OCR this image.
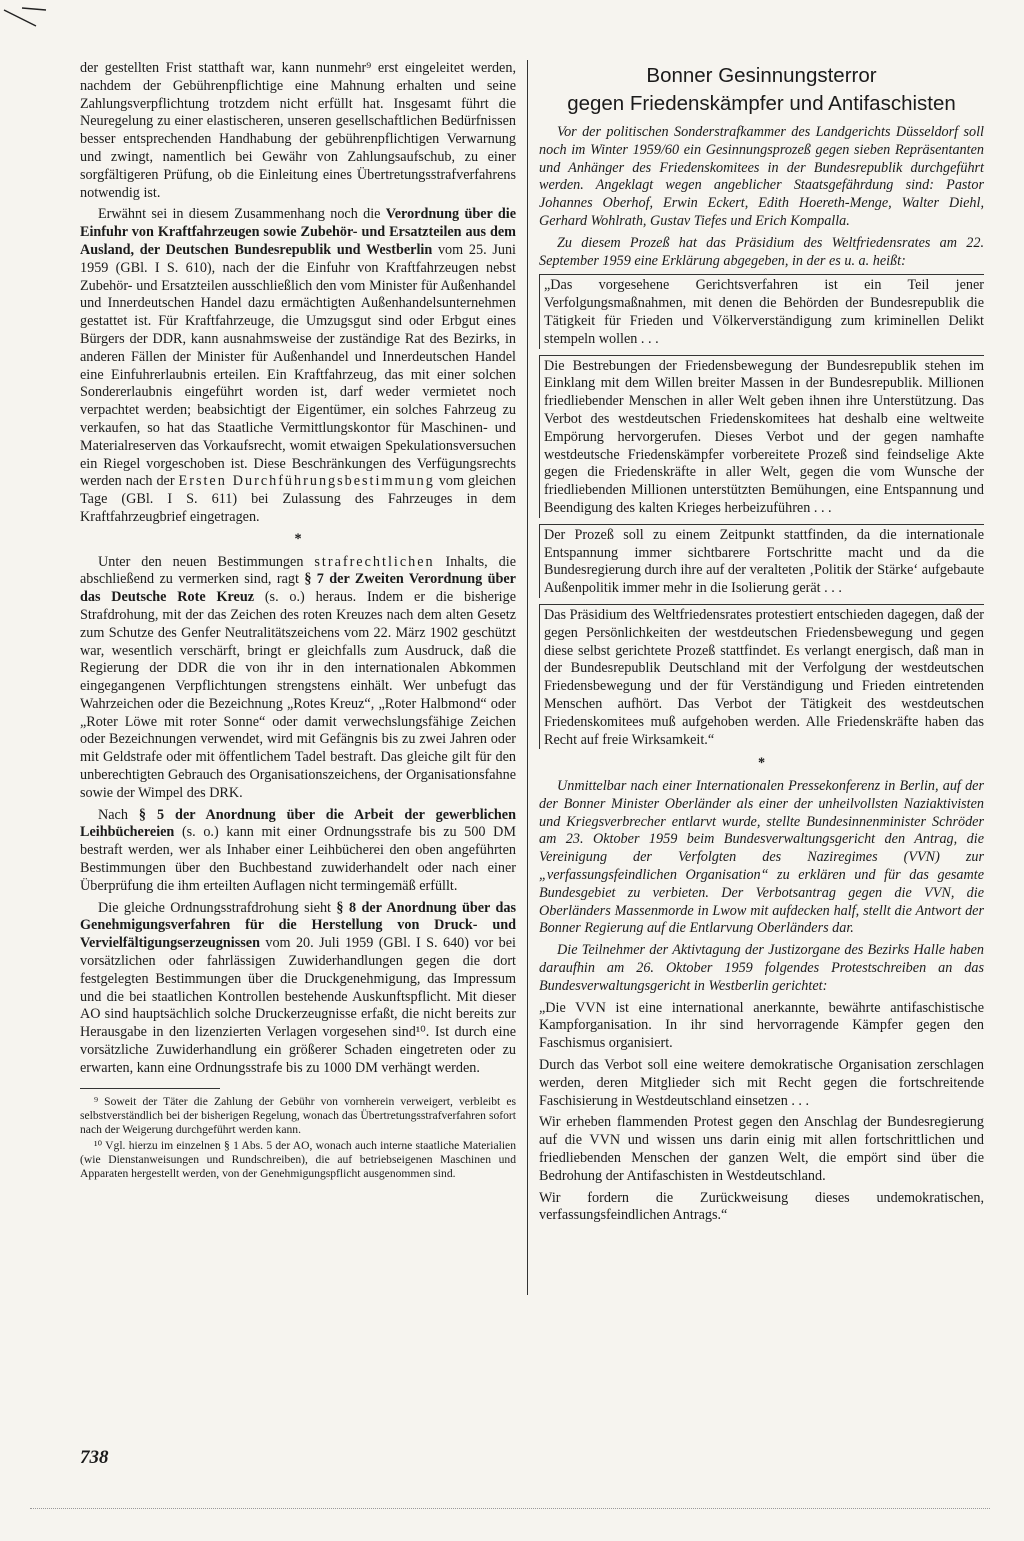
der gestellten Frist statthaft war, kann nunmehr⁹ erst eingeleitet werden, nachdem der Gebührenpflichtige eine Mahnung erhalten und seine Zahlungsverpflichtung trotzdem nicht erfüllt hat. Insgesamt führt die Neuregelung zu einer elastischeren, unseren gesellschaftlichen Bedürfnissen besser entsprechenden Handhabung der gebührenpflichtigen Verwarnung und zwingt, namentlich bei Gewähr von Zahlungsaufschub, zu einer sorgfältigeren Prüfung, ob die Einleitung eines Übertretungsstrafverfahrens notwendig ist.

Erwähnt sei in diesem Zusammenhang noch die Verordnung über die Einfuhr von Kraftfahrzeugen sowie Zubehör- und Ersatzteilen aus dem Ausland, der Deutschen Bundesrepublik und Westberlin vom 25. Juni 1959 (GBl. I S. 610), nach der die Einfuhr von Kraftfahrzeugen nebst Zubehör- und Ersatzteilen ausschließlich den vom Minister für Außenhandel und Innerdeutschen Handel dazu ermächtigten Außenhandelsunternehmen gestattet ist. Für Kraftfahrzeuge, die Umzugsgut sind oder Erbgut eines Bürgers der DDR, kann ausnahmsweise der zuständige Rat des Bezirks, in anderen Fällen der Minister für Außenhandel und Innerdeutschen Handel eine Einfuhrerlaubnis erteilen. Ein Kraftfahrzeug, das mit einer solchen Sondererlaubnis eingeführt worden ist, darf weder vermietet noch verpachtet werden; beabsichtigt der Eigentümer, ein solches Fahrzeug zu verkaufen, so hat das Staatliche Vermittlungskontor für Maschinen- und Materialreserven das Vorkaufsrecht, womit etwaigen Spekulationsversuchen ein Riegel vorgeschoben ist. Diese Beschränkungen des Verfügungsrechts werden nach der Ersten Durchführungsbestimmung vom gleichen Tage (GBl. I S. 611) bei Zulassung des Fahrzeuges in dem Kraftfahrzeugbrief eingetragen.

*

Unter den neuen Bestimmungen strafrechtlichen Inhalts, die abschließend zu vermerken sind, ragt § 7 der Zweiten Verordnung über das Deutsche Rote Kreuz (s. o.) heraus. Indem er die bisherige Strafdrohung, mit der das Zeichen des roten Kreuzes nach dem alten Gesetz zum Schutze des Genfer Neutralitätszeichens vom 22. März 1902 geschützt war, wesentlich verschärft, bringt er gleichfalls zum Ausdruck, daß die Regierung der DDR die von ihr in den internationalen Abkommen eingegangenen Verpflichtungen strengstens einhält. Wer unbefugt das Wahrzeichen oder die Bezeichnung „Rotes Kreuz“, „Roter Halbmond“ oder „Roter Löwe mit roter Sonne“ oder damit verwechslungsfähige Zeichen oder Bezeichnungen verwendet, wird mit Gefängnis bis zu zwei Jahren oder mit Geldstrafe oder mit öffentlichem Tadel bestraft. Das gleiche gilt für den unberechtigten Gebrauch des Organisationszeichens, der Organisationsfahne sowie der Wimpel des DRK.

Nach § 5 der Anordnung über die Arbeit der gewerblichen Leihbüchereien (s. o.) kann mit einer Ordnungsstrafe bis zu 500 DM bestraft werden, wer als Inhaber einer Leihbücherei den oben angeführten Bestimmungen über den Buchbestand zuwiderhandelt oder nach einer Überprüfung die ihm erteilten Auflagen nicht termingemäß erfüllt.

Die gleiche Ordnungsstrafdrohung sieht § 8 der Anordnung über das Genehmigungsverfahren für die Herstellung von Druck- und Vervielfältigungserzeugnissen vom 20. Juli 1959 (GBl. I S. 640) vor bei vorsätzlichen oder fahrlässigen Zuwiderhandlungen gegen die dort festgelegten Bestimmungen über die Druckgenehmigung, das Impressum und die bei staatlichen Kontrollen bestehende Auskunftspflicht. Mit dieser AO sind hauptsächlich solche Druckerzeugnisse erfaßt, die nicht bereits zur Herausgabe in den lizenzierten Verlagen vorgesehen sind¹⁰. Ist durch eine vorsätzliche Zuwiderhandlung ein größerer Schaden eingetreten oder zu erwarten, kann eine Ordnungsstrafe bis zu 1000 DM verhängt werden.

⁹ Soweit der Täter die Zahlung der Gebühr von vornherein verweigert, verbleibt es selbstverständlich bei der bisherigen Regelung, wonach das Übertretungsstrafverfahren sofort nach der Weigerung durchgeführt werden kann.

¹⁰ Vgl. hierzu im einzelnen § 1 Abs. 5 der AO, wonach auch interne staatliche Materialien (wie Dienstanweisungen und Rundschreiben), die auf betriebseigenen Maschinen und Apparaten hergestellt werden, von der Genehmigungspflicht ausgenommen sind.

Bonner Gesinnungsterror
gegen Friedenskämpfer und Antifaschisten

Vor der politischen Sonderstrafkammer des Landgerichts Düsseldorf soll noch im Winter 1959/60 ein Gesinnungsprozeß gegen sieben Repräsentanten und Anhänger des Friedenskomitees in der Bundesrepublik durchgeführt werden. Angeklagt wegen angeblicher Staatsgefährdung sind: Pastor Johannes Oberhof, Erwin Eckert, Edith Hoereth-Menge, Walter Diehl, Gerhard Wohlrath, Gustav Tiefes und Erich Kompalla.

Zu diesem Prozeß hat das Präsidium des Weltfriedensrates am 22. September 1959 eine Erklärung abgegeben, in der es u. a. heißt:

„Das vorgesehene Gerichtsverfahren ist ein Teil jener Verfolgungsmaßnahmen, mit denen die Behörden der Bundesrepublik die Tätigkeit für Frieden und Völkerverständigung zum kriminellen Delikt stempeln wollen . . .

Die Bestrebungen der Friedensbewegung der Bundesrepublik stehen im Einklang mit dem Willen breiter Massen in der Bundesrepublik. Millionen friedliebender Menschen in aller Welt geben ihnen ihre Unterstützung. Das Verbot des westdeutschen Friedenskomitees hat deshalb eine weltweite Empörung hervorgerufen. Dieses Verbot und der gegen namhafte westdeutsche Friedenskämpfer vorbereitete Prozeß sind feindselige Akte gegen die Friedenskräfte in aller Welt, gegen die vom Wunsche der friedliebenden Millionen unterstützten Bemühungen, eine Entspannung und Beendigung des kalten Krieges herbeizuführen . . .

Der Prozeß soll zu einem Zeitpunkt stattfinden, da die internationale Entspannung immer sichtbarere Fortschritte macht und da die Bundesregierung durch ihre auf der veralteten ‚Politik der Stärke‘ aufgebaute Außenpolitik immer mehr in die Isolierung gerät . . .

Das Präsidium des Weltfriedensrates protestiert entschieden dagegen, daß der gegen Persönlichkeiten der westdeutschen Friedensbewegung und gegen diese selbst gerichtete Prozeß stattfindet. Es verlangt energisch, daß man in der Bundesrepublik Deutschland mit der Verfolgung der westdeutschen Friedensbewegung und der für Verständigung und Frieden eintretenden Menschen aufhört. Das Verbot der Tätigkeit des westdeutschen Friedenskomitees muß aufgehoben werden. Alle Friedenskräfte haben das Recht auf freie Wirksamkeit.“

*

Unmittelbar nach einer Internationalen Pressekonferenz in Berlin, auf der der Bonner Minister Oberländer als einer der unheilvollsten Naziaktivisten und Kriegsverbrecher entlarvt wurde, stellte Bundesinnenminister Schröder am 23. Oktober 1959 beim Bundesverwaltungsgericht den Antrag, die Vereinigung der Verfolgten des Naziregimes (VVN) zur „verfassungsfeindlichen Organisation“ zu erklären und für das gesamte Bundesgebiet zu verbieten. Der Verbotsantrag gegen die VVN, die Oberländers Massenmorde in Lwow mit aufdecken half, stellt die Antwort der Bonner Regierung auf die Entlarvung Oberländers dar.

Die Teilnehmer der Aktivtagung der Justizorgane des Bezirks Halle haben daraufhin am 26. Oktober 1959 folgendes Protestschreiben an das Bundesverwaltungsgericht in Westberlin gerichtet:

„Die VVN ist eine international anerkannte, bewährte antifaschistische Kampforganisation. In ihr sind hervorragende Kämpfer gegen den Faschismus organisiert.

Durch das Verbot soll eine weitere demokratische Organisation zerschlagen werden, deren Mitglieder sich mit Recht gegen die fortschreitende Faschisierung in Westdeutschland einsetzen . . .

Wir erheben flammenden Protest gegen den Anschlag der Bundesregierung auf die VVN und wissen uns darin einig mit allen fortschrittlichen und friedliebenden Menschen der ganzen Welt, die empört sind über die Bedrohung der Antifaschisten in Westdeutschland.

Wir fordern die Zurückweisung dieses undemokratischen, verfassungsfeindlichen Antrags.“

738
